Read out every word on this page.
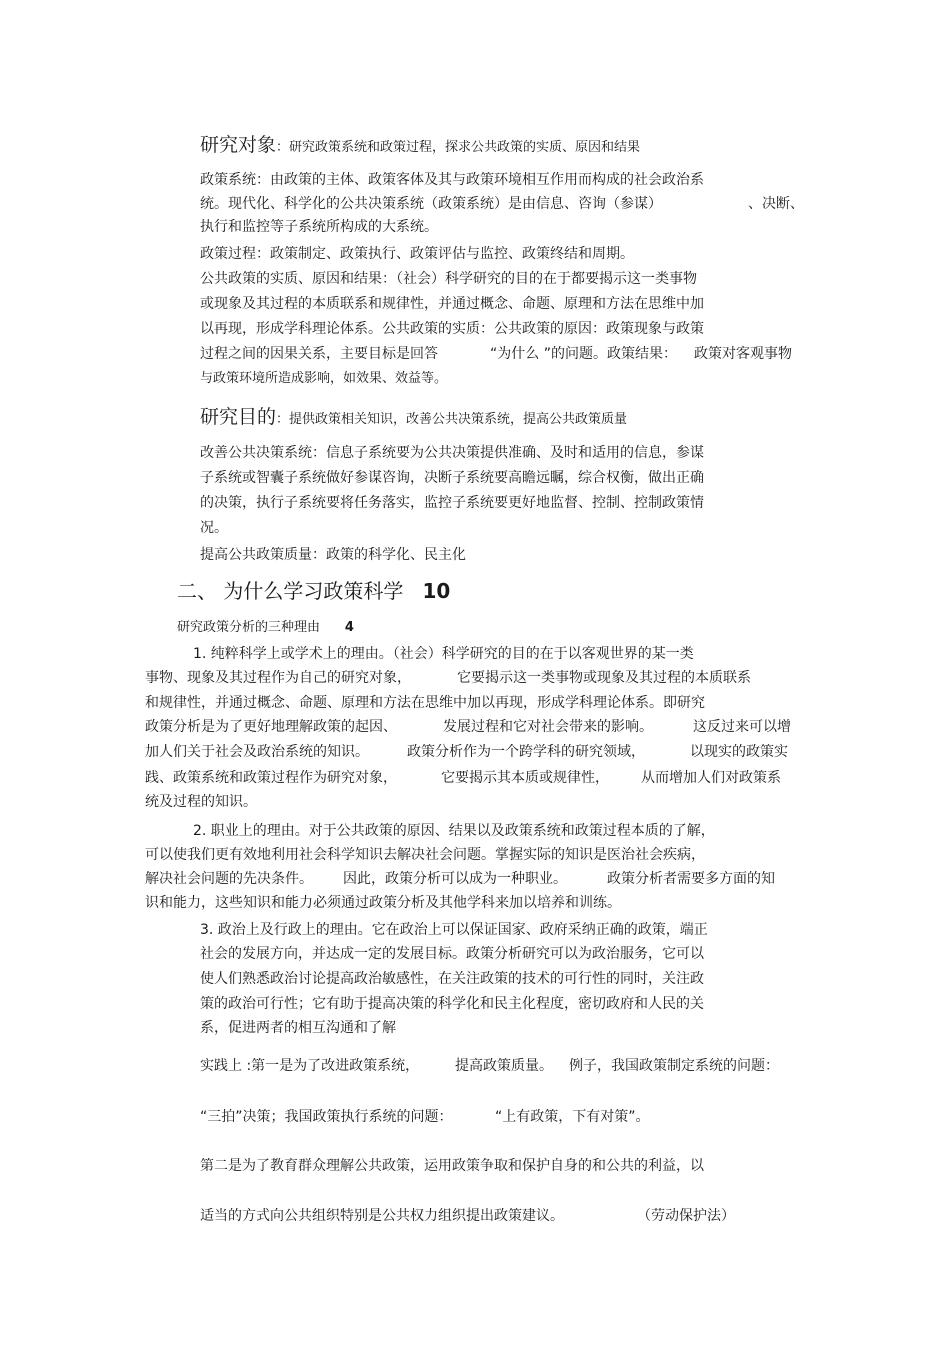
研究对象：研究政策系统和政策过程，探求公共政策的实质、原因和结果
政策系统：由政策的主体、政策客体及其与政策环境相互作用而构成的社会政治系
统。现代化、科学化的公共决策系统（政策系统）是由信息、咨询（参谋）	、决断、
执行和监控等子系统所构成的大系统。
政策过程：政策制定、政策执行、政策评估与监控、政策终结和周期。
公共政策的实质、原因和结果：（社会）科学研究的目的在于都要揭示这一类事物
或现象及其过程的本质联系和规律性，并通过概念、命题、原理和方法在思维中加
以再现，形成学科理论体系。公共政策的实质：公共政策的原因：政策现象与政策
过程之间的因果关系，主要目标是回答	“为什么 ”的问题。政策结果： 政策对客观事物
与政策环境所造成影响，如效果、效益等。
研究目的：提供政策相关知识，改善公共决策系统，提高公共政策质量
改善公共决策系统：信息子系统要为公共决策提供准确、及时和适用的信息，参谋
子系统或智囊子系统做好参谋咨询，决断子系统要高瞻远瞩，综合权衡，做出正确
的决策，执行子系统要将任务落实，监控子系统要更好地监督、控制、控制政策情
况。
提高公共政策质量：政策的科学化、民主化
二、 为什么学习政策科学 10
研究政策分析的三种理由 4
1. 纯粹科学上或学术上的理由。（社会）科学研究的目的在于以客观世界的某一类
事物、现象及其过程作为自己的研究对象，	它要揭示这一类事物或现象及其过程的本质联系
和规律性，并通过概念、命题、原理和方法在思维中加以再现，形成学科理论体系。即研究
政策分析是为了更好地理解政策的起因、	发展过程和它对社会带来的影响。	这反过来可以增
加人们关于社会及政治系统的知识。	政策分析作为一个跨学科的研究领域，	以现实的政策实
践、政策系统和政策过程作为研究对象，	它要揭示其本质或规律性， 从而增加人们对政策系
统及过程的知识。
2. 职业上的理由。对于公共政策的原因、结果以及政策系统和政策过程本质的了解，
可以使我们更有效地利用社会科学知识去解决社会问题。掌握实际的知识是医治社会疾病，
解决社会问题的先决条件。 因此，政策分析可以成为一种职业。	政策分析者需要多方面的知
识和能力，这些知识和能力必须通过政策分析及其他学科来加以培养和训练。
3. 政治上及行政上的理由。它在政治上可以保证国家、政府采纳正确的政策，端正
社会的发展方向，并达成一定的发展目标。政策分析研究可以为政治服务，它可以
使人们熟悉政治讨论提高政治敏感性，在关注政策的技术的可行性的同时，关注政
策的政治可行性；它有助于提高决策的科学化和民主化程度，密切政府和人民的关
系，促进两者的相互沟通和了解
实践上 :第一是为了改进政策系统，	提高政策质量。 例子，我国政策制定系统的问题：
“三拍”决策；我国政策执行系统的问题：	“上有政策，下有对策”。
第二是为了教育群众理解公共政策，运用政策争取和保护自身的和公共的利益，以
适当的方式向公共组织特别是公共权力组织提出政策建议。	（劳动保护法）
